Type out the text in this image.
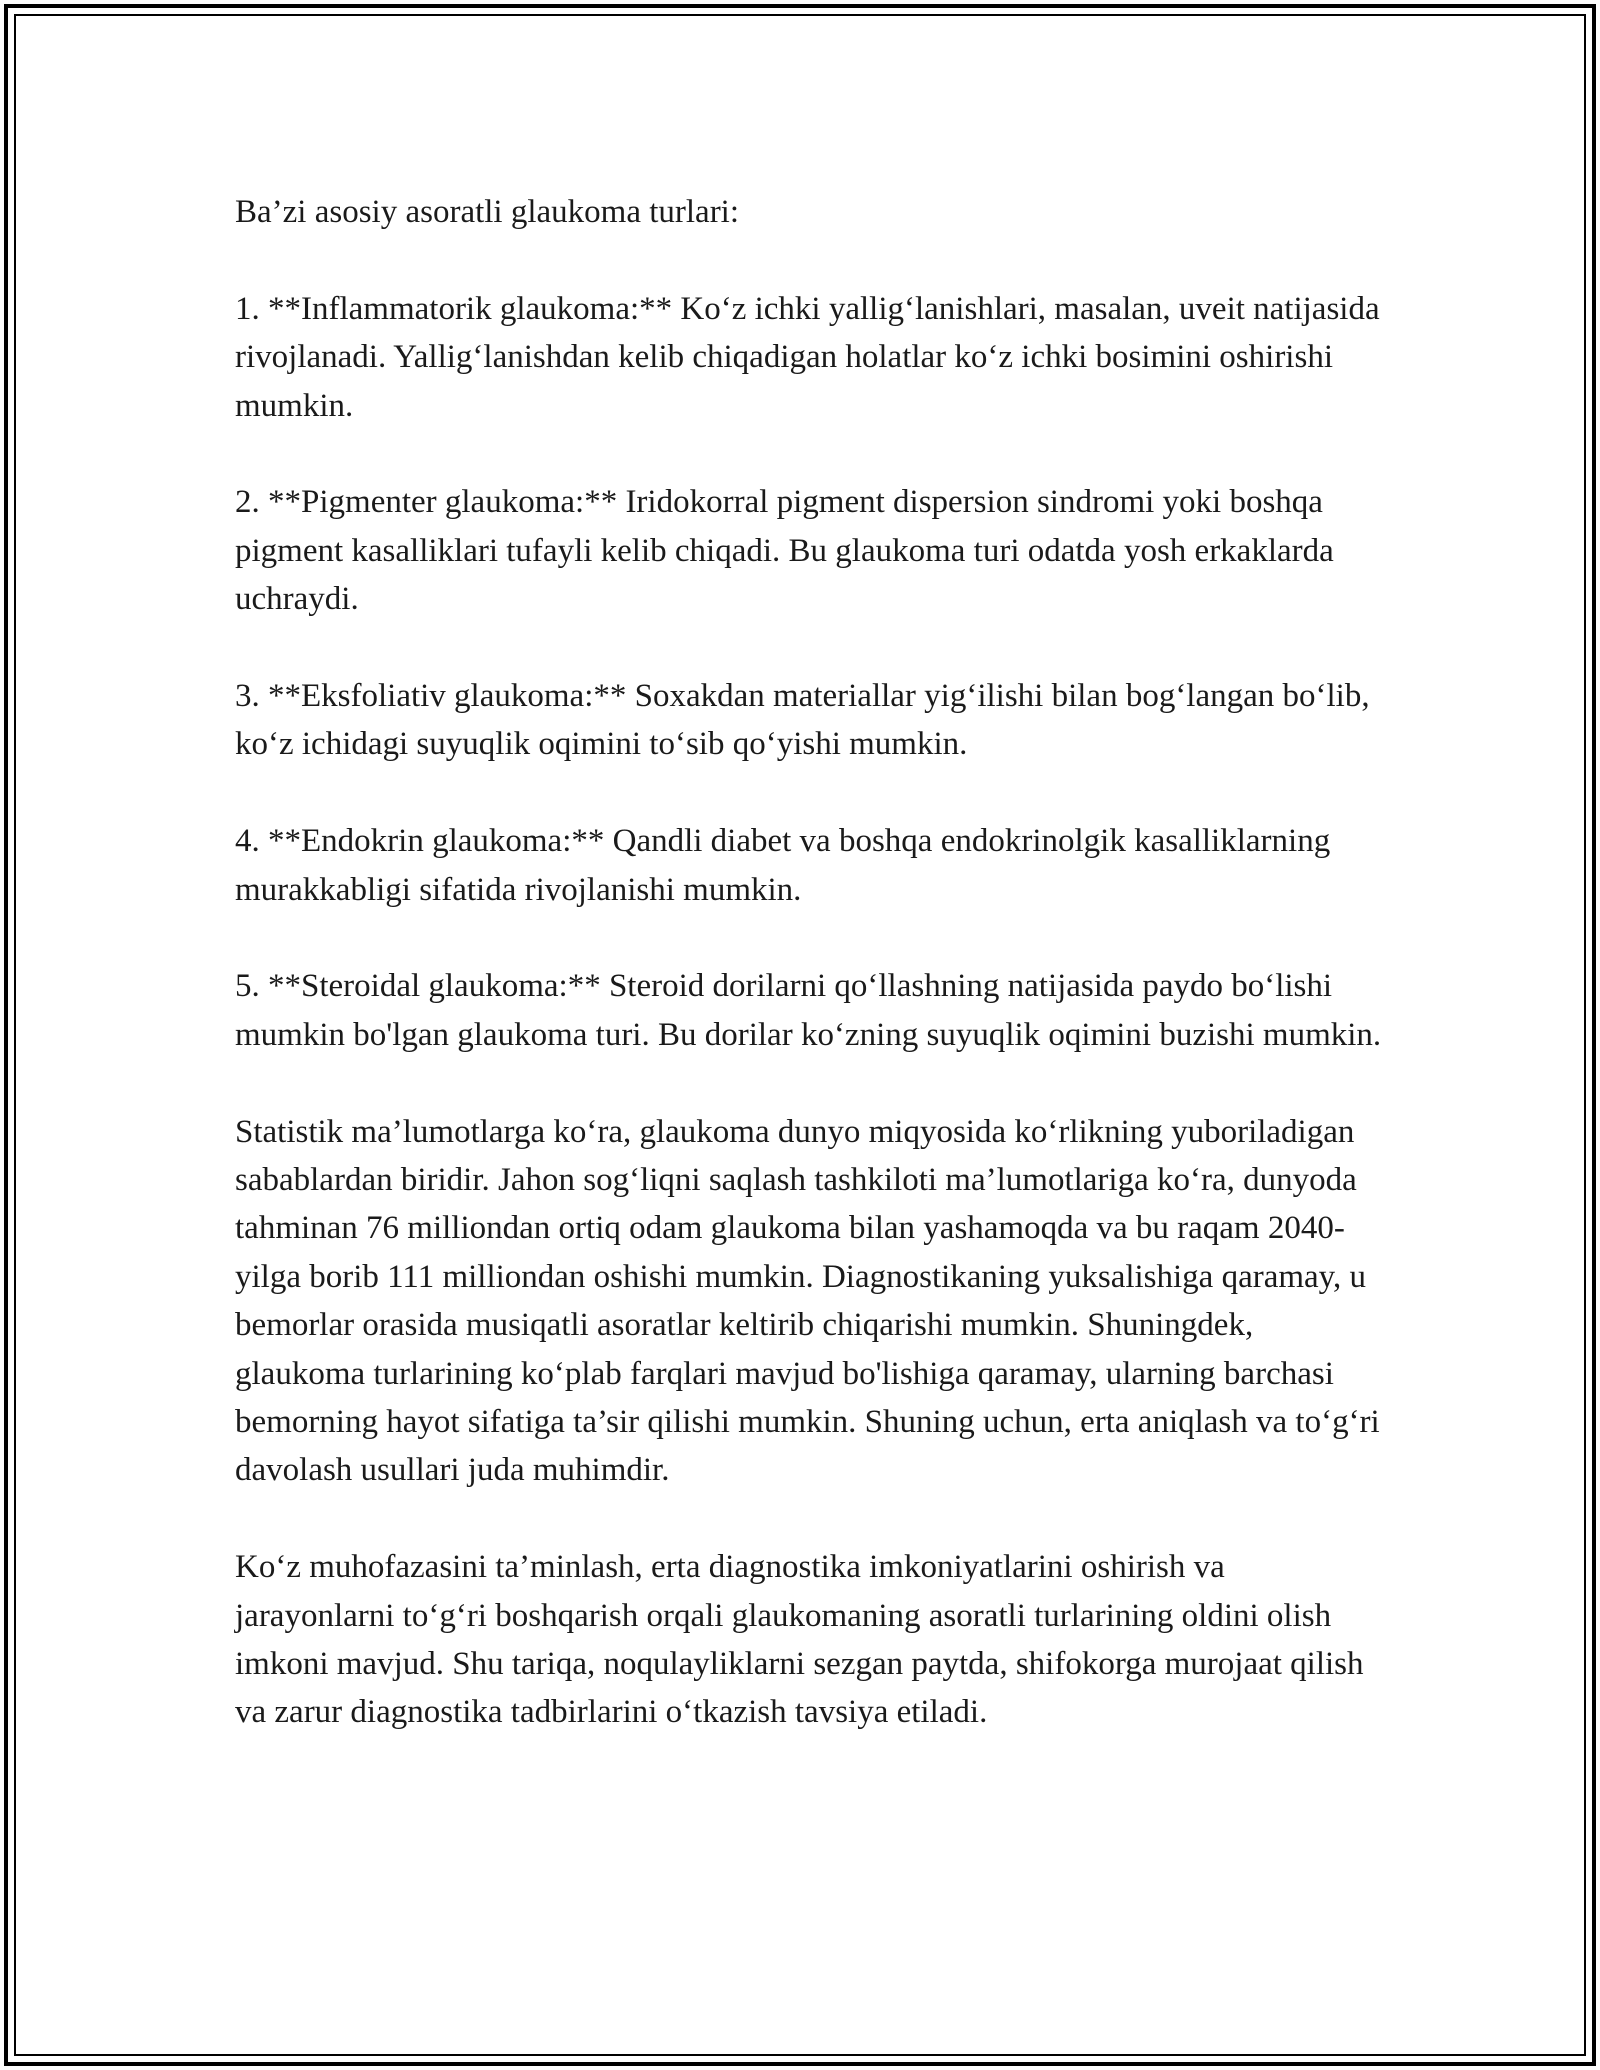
Ba’zi asosiy asoratli glaukoma turlari:

1. **Inflammatorik glaukoma:** Ko‘z ichki yallig‘lanishlari, masalan, uveit natijasida rivojlanadi. Yallig‘lanishdan kelib chiqadigan holatlar ko‘z ichki bosimini oshirishi mumkin.

2. **Pigmenter glaukoma:** Iridokorral pigment dispersion sindromi yoki boshqa pigment kasalliklari tufayli kelib chiqadi. Bu glaukoma turi odatda yosh erkaklarda uchraydi.

3. **Eksfoliativ glaukoma:** Soxakdan materiallar yig‘ilishi bilan bog‘langan bo‘lib, ko‘z ichidagi suyuqlik oqimini to‘sib qo‘yishi mumkin.

4. **Endokrin glaukoma:** Qandli diabet va boshqa endokrinolgik kasalliklarning murakkabligi sifatida rivojlanishi mumkin.

5. **Steroidal glaukoma:** Steroid dorilarni qo‘llashning natijasida paydo bo‘lishi mumkin bo'lgan glaukoma turi. Bu dorilar ko‘zning suyuqlik oqimini buzishi mumkin.

Statistik ma’lumotlarga ko‘ra, glaukoma dunyo miqyosida ko‘rlikning yuboriladigan sabablardan biridir. Jahon sog‘liqni saqlash tashkiloti ma’lumotlariga ko‘ra, dunyoda tahminan 76 milliondan ortiq odam glaukoma bilan yashamoqda va bu raqam 2040-yilga borib 111 milliondan oshishi mumkin. Diagnostikaning yuksalishiga qaramay, u bemorlar orasida musiqatli asoratlar keltirib chiqarishi mumkin. Shuningdek, glaukoma turlarining ko‘plab farqlari mavjud bo'lishiga qaramay, ularning barchasi bemorning hayot sifatiga ta’sir qilishi mumkin. Shuning uchun, erta aniqlash va to‘g‘ri davolash usullari juda muhimdir.

Ko‘z muhofazasini ta’minlash, erta diagnostika imkoniyatlarini oshirish va jarayonlarni to‘g‘ri boshqarish orqali glaukomaning asoratli turlarining oldini olish imkoni mavjud. Shu tariqa, noqulayliklarni sezgan paytda, shifokorga murojaat qilish va zarur diagnostika tadbirlarini o‘tkazish tavsiya etiladi.
